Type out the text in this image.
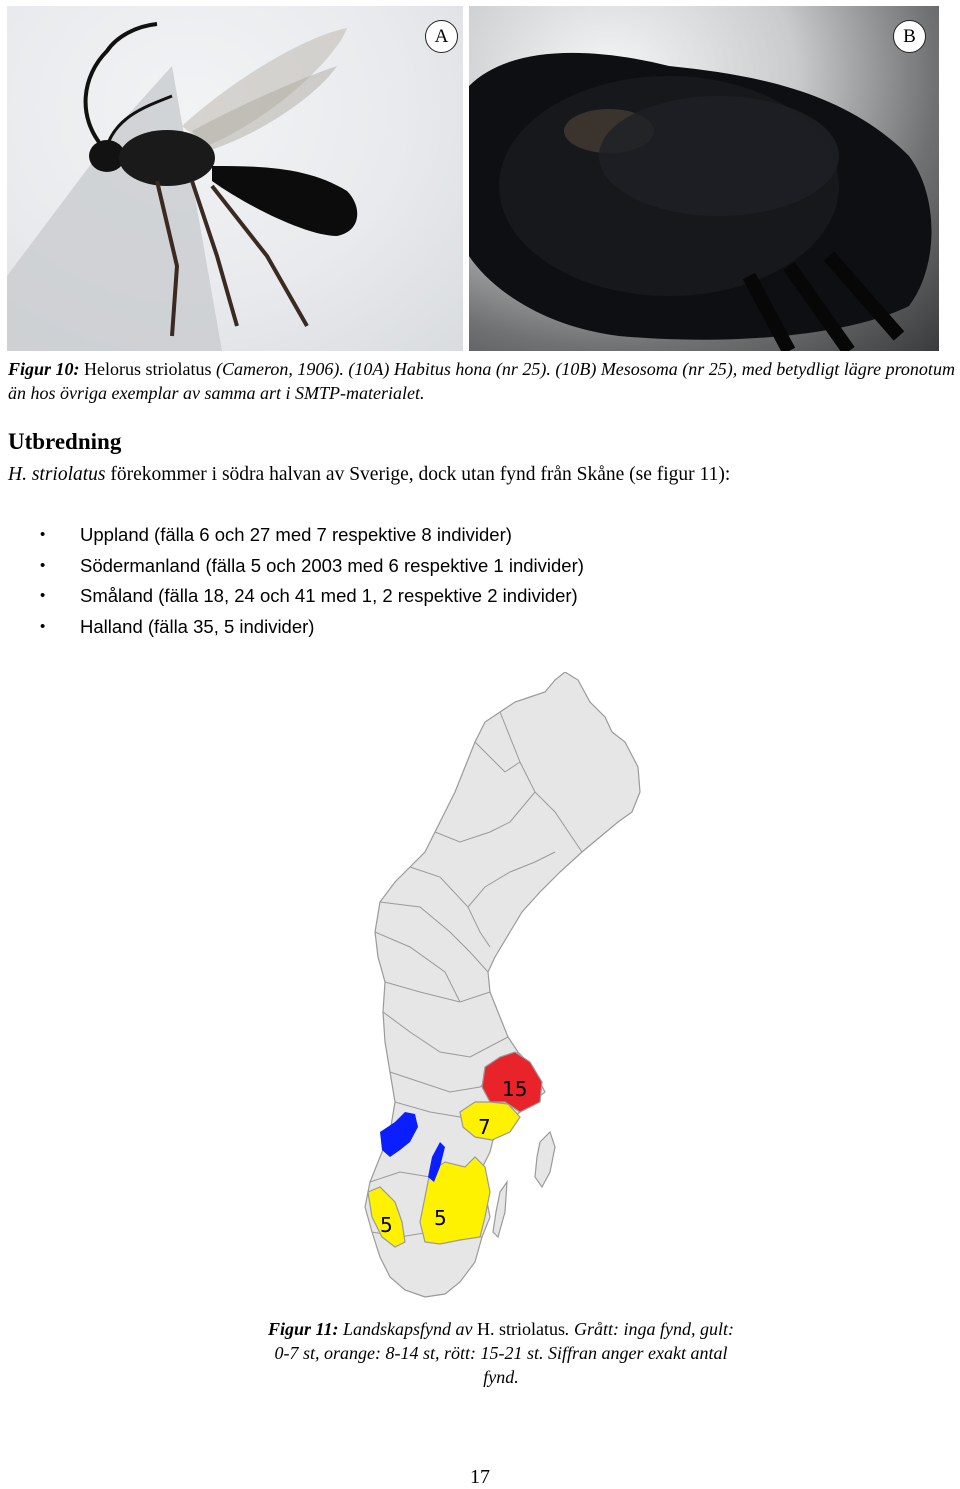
A	B
Figur 10: Helorus striolatus (Cameron, 1906). (10A) Habitus hona (nr 25). (10B) Mesosoma (nr 25), med betydligt lägre pronotum än hos övriga exemplar av samma art i SMTP-materialet.
Utbredning
H. striolatus förekommer i södra halvan av Sverige, dock utan fynd från Skåne (se figur 11):
• Uppland (fälla 6 och 27 med 7 respektive 8 individer)
• Södermanland (fälla 5 och 2003 med 6 respektive 1 individer)
• Småland (fälla 18, 24 och 41 med 1, 2 respektive 2 individer)
• Halland (fälla 35, 5 individer)
15
7
5
5
Figur 11: Landskapsfynd av H. striolatus. Grått: inga fynd, gult: 0-7 st, orange: 8-14 st, rött: 15-21 st. Siffran anger exakt antal fynd.
17
